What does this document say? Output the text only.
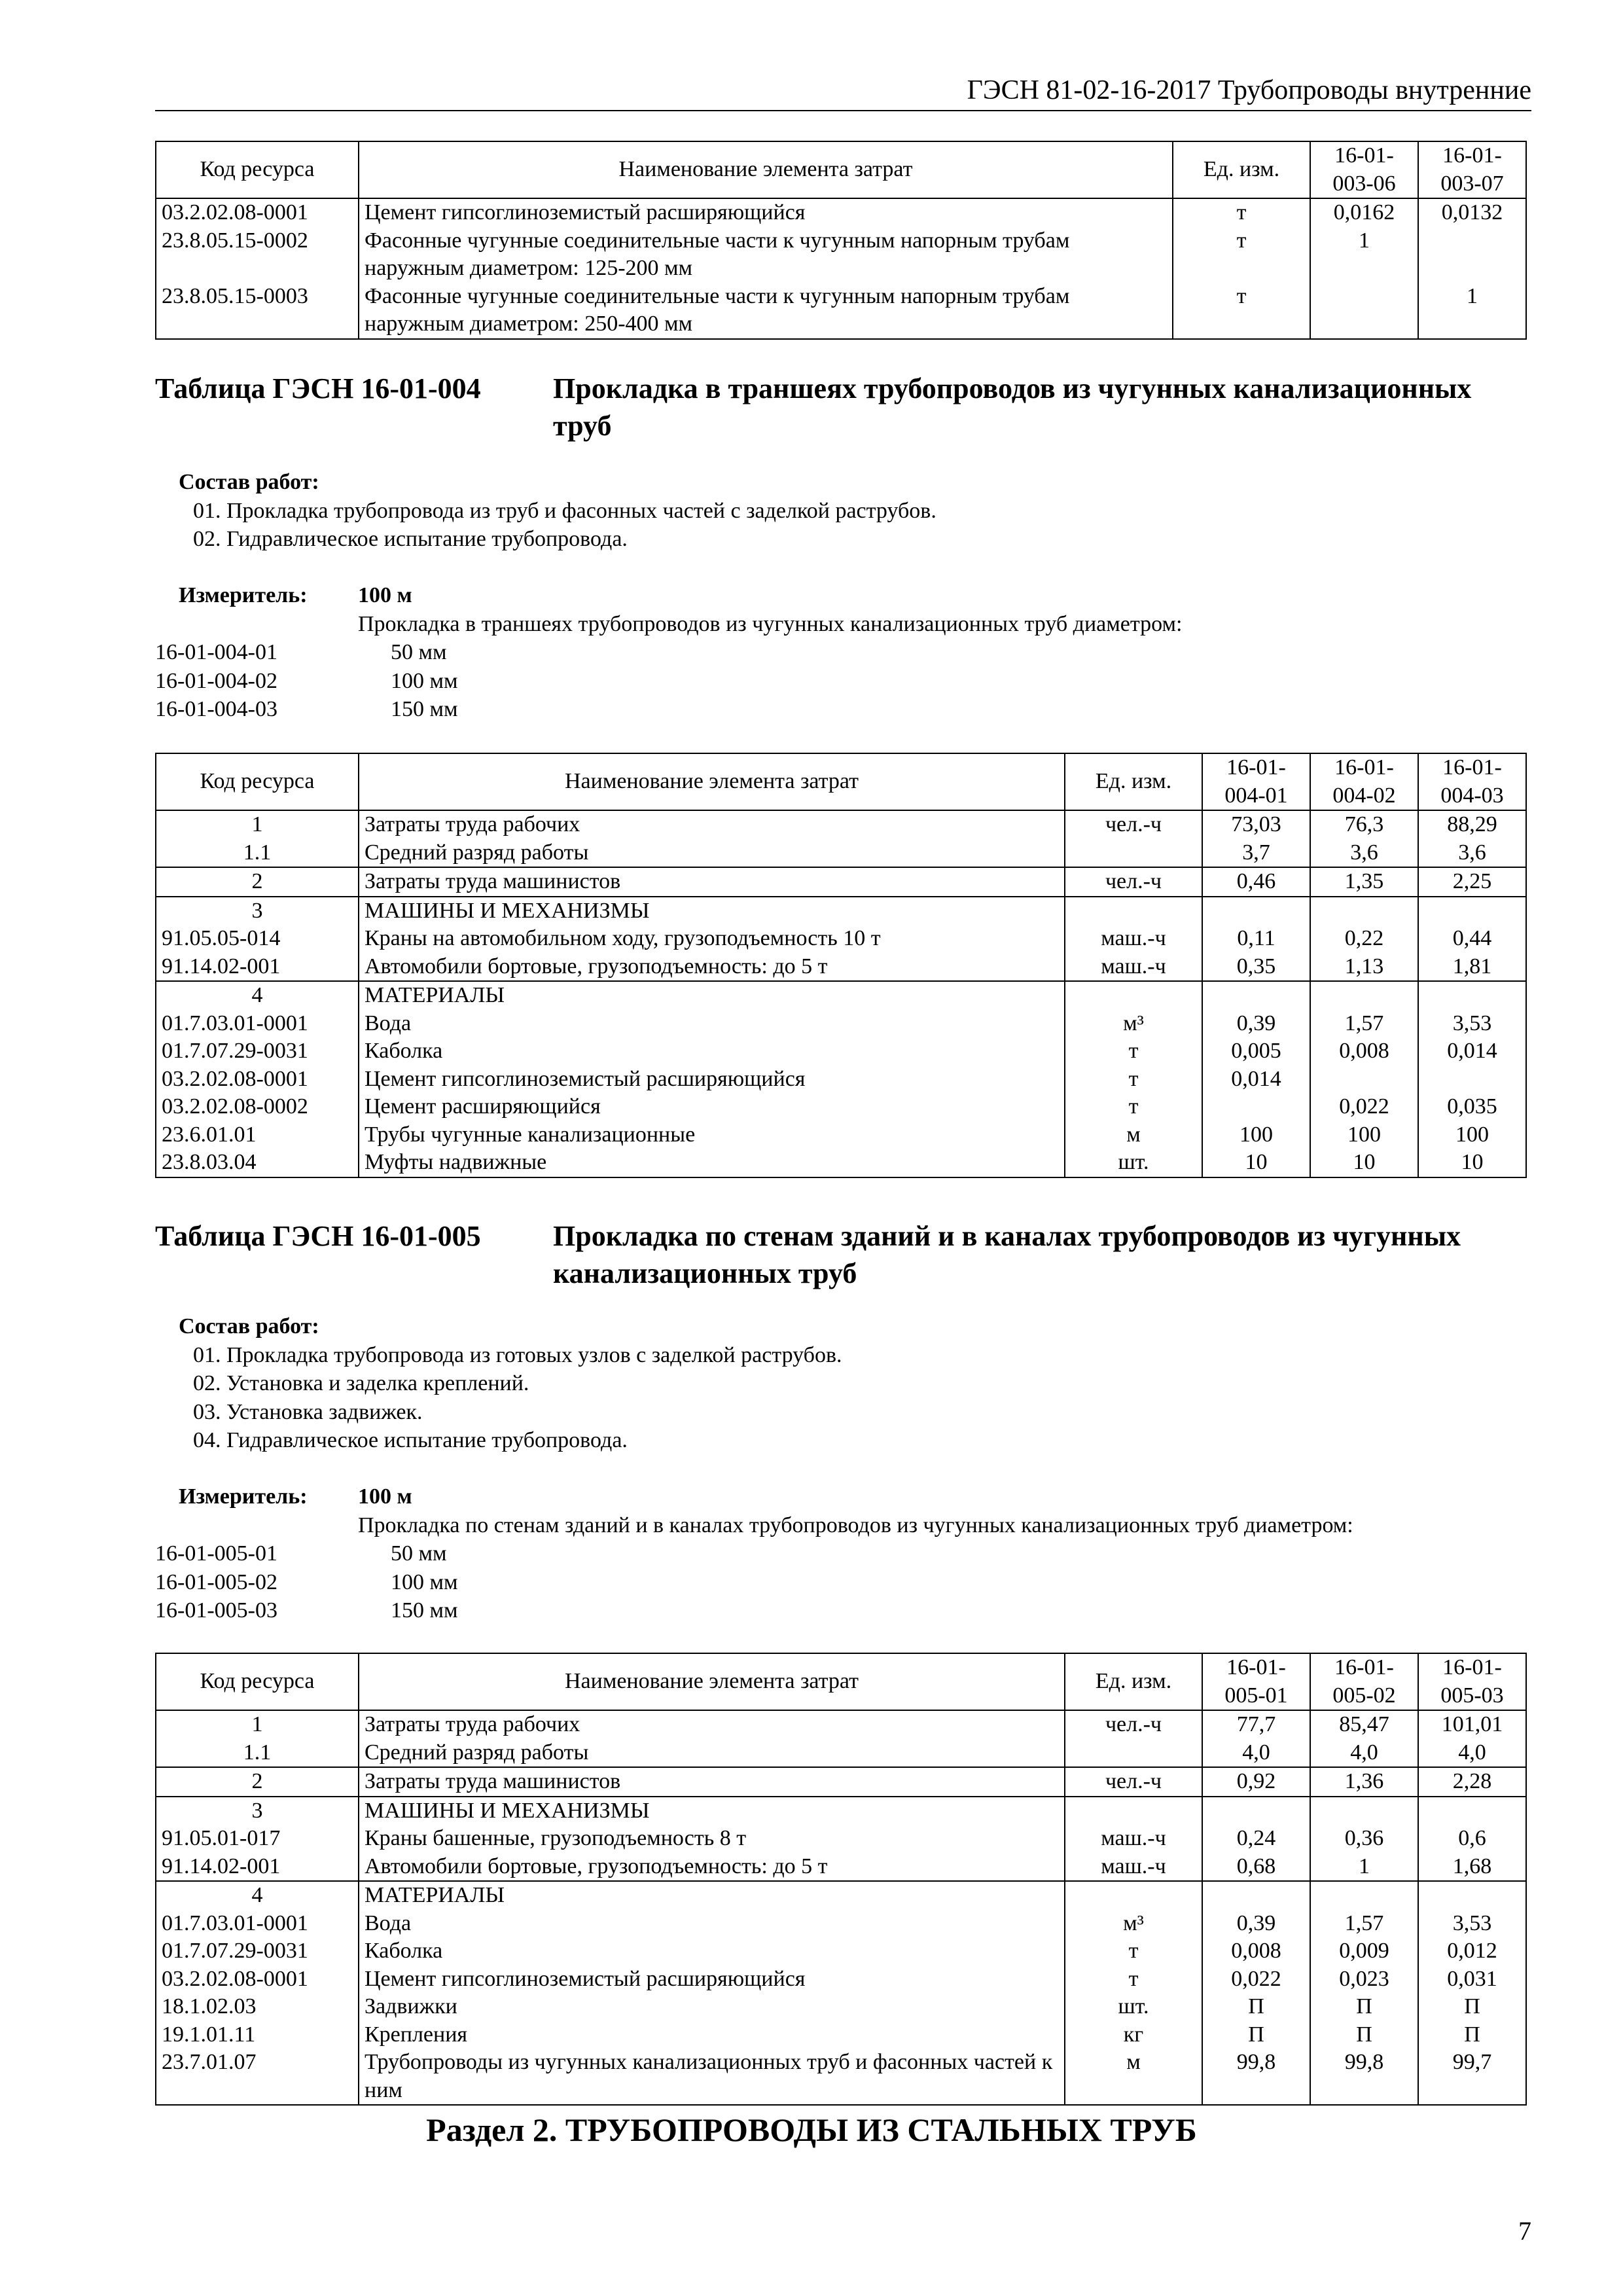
ГЭСН 81-02-16-2017 Трубопроводы внутренние
Код ресурса	Наименование элемента затрат	Ед. изм.	16-01-003-06	16-01-003-07
03.2.02.08-0001	Цемент гипсоглиноземистый расширяющийся	т	0,0162	0,0132
23.8.05.15-0002	Фасонные чугунные соединительные части к чугунным напорным трубам наружным диаметром: 125-200 мм	т	1	
23.8.05.15-0003	Фасонные чугунные соединительные части к чугунным напорным трубам наружным диаметром: 250-400 мм	т		1
Таблица ГЭСН 16-01-004	Прокладка в траншеях трубопроводов из чугунных канализационных труб
Состав работ:
01. Прокладка трубопровода из труб и фасонных частей с заделкой раструбов.
02. Гидравлическое испытание трубопровода.
Измеритель:	100 м
Прокладка в траншеях трубопроводов из чугунных канализационных труб диаметром:
16-01-004-01	50 мм
16-01-004-02	100 мм
16-01-004-03	150 мм
Код ресурса	Наименование элемента затрат	Ед. изм.	16-01-004-01	16-01-004-02	16-01-004-03
1	Затраты труда рабочих	чел.-ч	73,03	76,3	88,29
1.1	Средний разряд работы		3,7	3,6	3,6
2	Затраты труда машинистов	чел.-ч	0,46	1,35	2,25
3	МАШИНЫ И МЕХАНИЗМЫ				
91.05.05-014	Краны на автомобильном ходу, грузоподъемность 10 т	маш.-ч	0,11	0,22	0,44
91.14.02-001	Автомобили бортовые, грузоподъемность: до 5 т	маш.-ч	0,35	1,13	1,81
4	МАТЕРИАЛЫ				
01.7.03.01-0001	Вода	м³	0,39	1,57	3,53
01.7.07.29-0031	Каболка	т	0,005	0,008	0,014
03.2.02.08-0001	Цемент гипсоглиноземистый расширяющийся	т	0,014		
03.2.02.08-0002	Цемент расширяющийся	т		0,022	0,035
23.6.01.01	Трубы чугунные канализационные	м	100	100	100
23.8.03.04	Муфты надвижные	шт.	10	10	10
Таблица ГЭСН 16-01-005	Прокладка по стенам зданий и в каналах трубопроводов из чугунных канализационных труб
Состав работ:
01. Прокладка трубопровода из готовых узлов с заделкой раструбов.
02. Установка и заделка креплений.
03. Установка задвижек.
04. Гидравлическое испытание трубопровода.
Измеритель:	100 м
Прокладка по стенам зданий и в каналах трубопроводов из чугунных канализационных труб диаметром:
16-01-005-01	50 мм
16-01-005-02	100 мм
16-01-005-03	150 мм
Код ресурса	Наименование элемента затрат	Ед. изм.	16-01-005-01	16-01-005-02	16-01-005-03
1	Затраты труда рабочих	чел.-ч	77,7	85,47	101,01
1.1	Средний разряд работы		4,0	4,0	4,0
2	Затраты труда машинистов	чел.-ч	0,92	1,36	2,28
3	МАШИНЫ И МЕХАНИЗМЫ				
91.05.01-017	Краны башенные, грузоподъемность 8 т	маш.-ч	0,24	0,36	0,6
91.14.02-001	Автомобили бортовые, грузоподъемность: до 5 т	маш.-ч	0,68	1	1,68
4	МАТЕРИАЛЫ				
01.7.03.01-0001	Вода	м³	0,39	1,57	3,53
01.7.07.29-0031	Каболка	т	0,008	0,009	0,012
03.2.02.08-0001	Цемент гипсоглиноземистый расширяющийся	т	0,022	0,023	0,031
18.1.02.03	Задвижки	шт.	П	П	П
19.1.01.11	Крепления	кг	П	П	П
23.7.01.07	Трубопроводы из чугунных канализационных труб и фасонных частей к ним	м	99,8	99,8	99,7
Раздел 2. ТРУБОПРОВОДЫ ИЗ СТАЛЬНЫХ ТРУБ
7
